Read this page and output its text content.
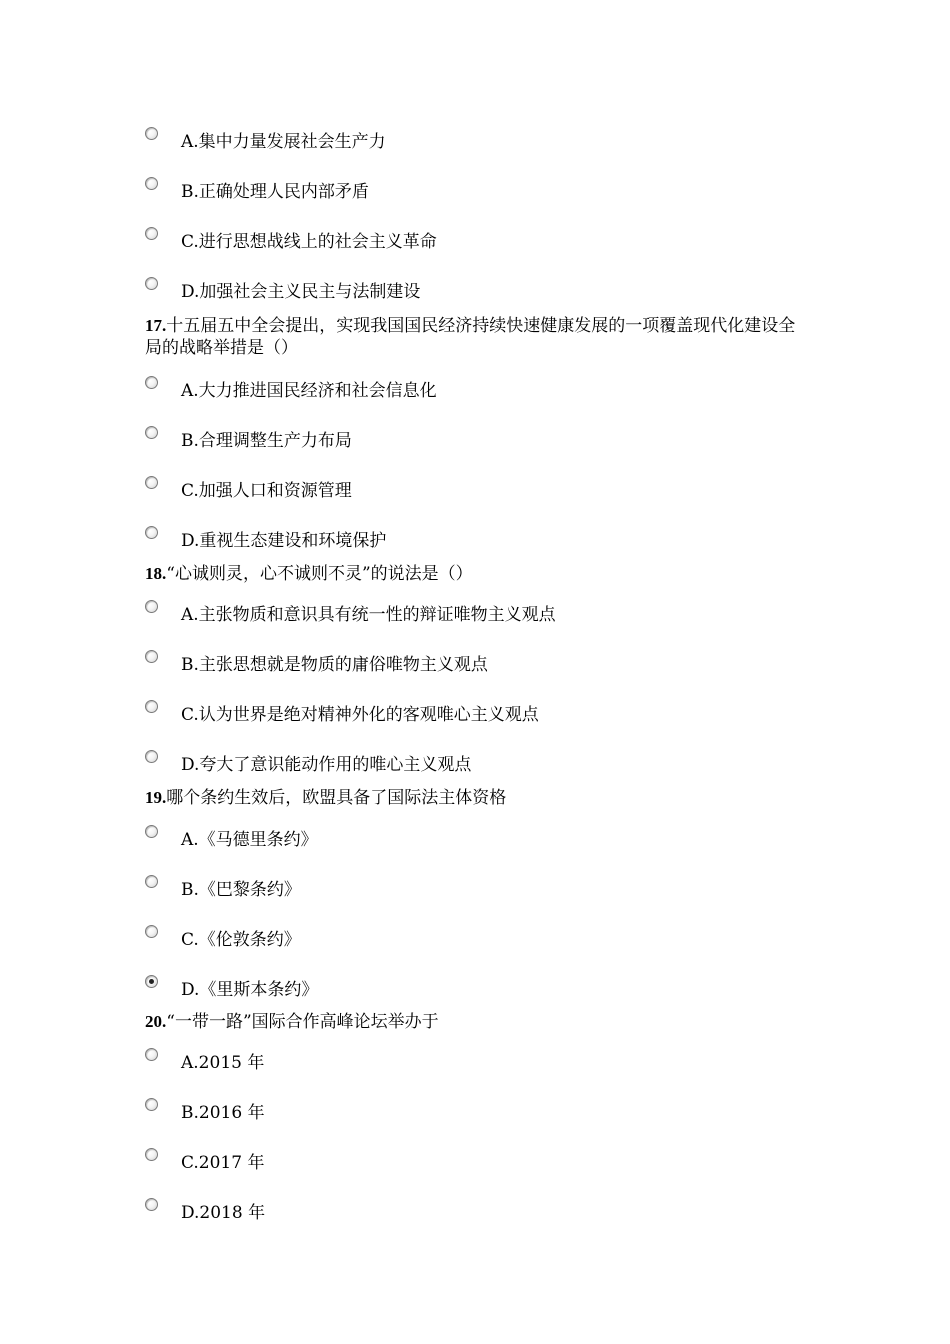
A.集中力量发展社会生产力
B.正确处理人民内部矛盾
C.进行思想战线上的社会主义革命
D.加强社会主义民主与法制建设
17.十五届五中全会提出，实现我国国民经济持续快速健康发展的一项覆盖现代化建设全局的战略举措是（）
A.大力推进国民经济和社会信息化
B.合理调整生产力布局
C.加强人口和资源管理
D.重视生态建设和环境保护
18.“心诚则灵，心不诚则不灵”的说法是（）
A.主张物质和意识具有统一性的辩证唯物主义观点
B.主张思想就是物质的庸俗唯物主义观点
C.认为世界是绝对精神外化的客观唯心主义观点
D.夸大了意识能动作用的唯心主义观点
19.哪个条约生效后，欧盟具备了国际法主体资格
A.《马德里条约》
B.《巴黎条约》
C.《伦敦条约》
D.《里斯本条约》
20.“一带一路”国际合作高峰论坛举办于
A.2015 年
B.2016 年
C.2017 年
D.2018 年
